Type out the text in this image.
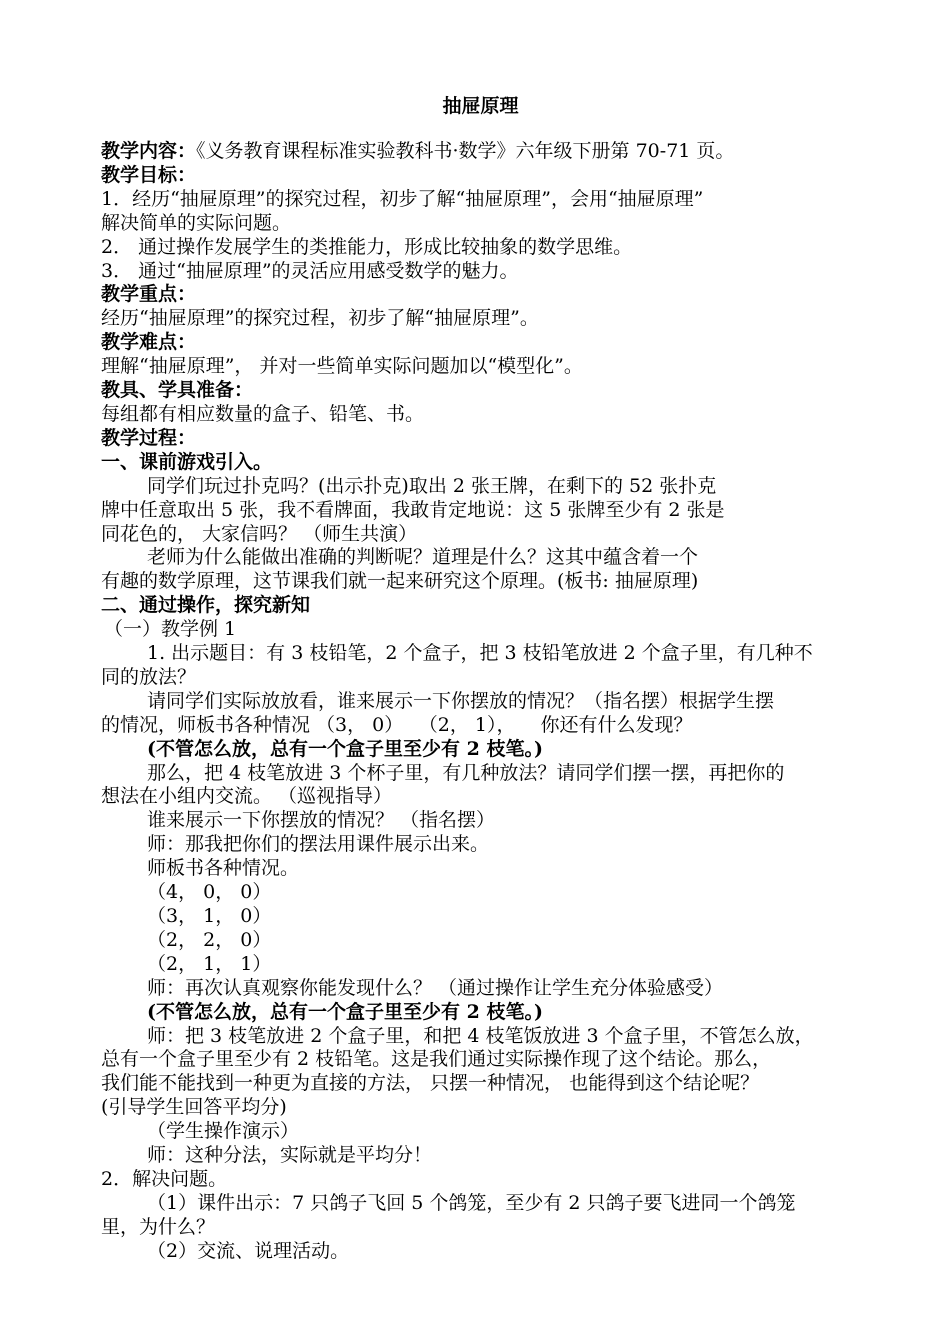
抽屉原理
教学内容：《义务教育课程标准实验教科书·数学》六年级下册第 70-71 页。
教学目标：
1．经历“抽屉原理”的探究过程，初步了解“抽屉原理”，会用“抽屉原理”
解决简单的实际问题。
2． 通过操作发展学生的类推能力，形成比较抽象的数学思维。
3． 通过“抽屉原理”的灵活应用感受数学的魅力。
教学重点：
经历“抽屉原理”的探究过程，初步了解“抽屉原理”。
教学难点：
理解“抽屉原理”， 并对一些简单实际问题加以“模型化”。
教具、学具准备：
每组都有相应数量的盒子、铅笔、书。
教学过程：
一、课前游戏引入。
同学们玩过扑克吗？(出示扑克)取出 2 张王牌，在剩下的 52 张扑克
牌中任意取出 5 张，我不看牌面，我敢肯定地说：这 5 张牌至少有 2 张是
同花色的， 大家信吗？ （师生共演）
老师为什么能做出准确的判断呢？道理是什么？这其中蕴含着一个
有趣的数学原理，这节课我们就一起来研究这个原理。(板书: 抽屉原理)
二、通过操作，探究新知
（一）教学例 1
1. 出示题目：有 3 枝铅笔，2 个盒子，把 3 枝铅笔放进 2 个盒子里，有几种不
同的放法？
请同学们实际放放看，谁来展示一下你摆放的情况？（指名摆）根据学生摆
的情况，师板书各种情况 （3， 0）　 （2， 1）， 　你还有什么发现？
(不管怎么放，总有一个盒子里至少有 2 枝笔。)
那么，把 4 枝笔放进 3 个杯子里，有几种放法？请同学们摆一摆，再把你的
想法在小组内交流。 （巡视指导）
谁来展示一下你摆放的情况？ （指名摆）
师：那我把你们的摆法用课件展示出来。
师板书各种情况。
（4， 0， 0）
（3， 1， 0）
（2， 2， 0）
（2， 1， 1）
师：再次认真观察你能发现什么？ （通过操作让学生充分体验感受）
(不管怎么放，总有一个盒子里至少有 2 枝笔。)
师：把 3 枝笔放进 2 个盒子里，和把 4 枝笔饭放进 3 个盒子里，不管怎么放，
总有一个盒子里至少有 2 枝铅笔。这是我们通过实际操作现了这个结论。那么，
我们能不能找到一种更为直接的方法， 只摆一种情况， 也能得到这个结论呢？
(引导学生回答平均分)
（学生操作演示）
师：这种分法，实际就是平均分！
2．解决问题。
（1）课件出示：7 只鸽子飞回 5 个鸽笼，至少有 2 只鸽子要飞进同一个鸽笼
里，为什么？
（2）交流、说理活动。
